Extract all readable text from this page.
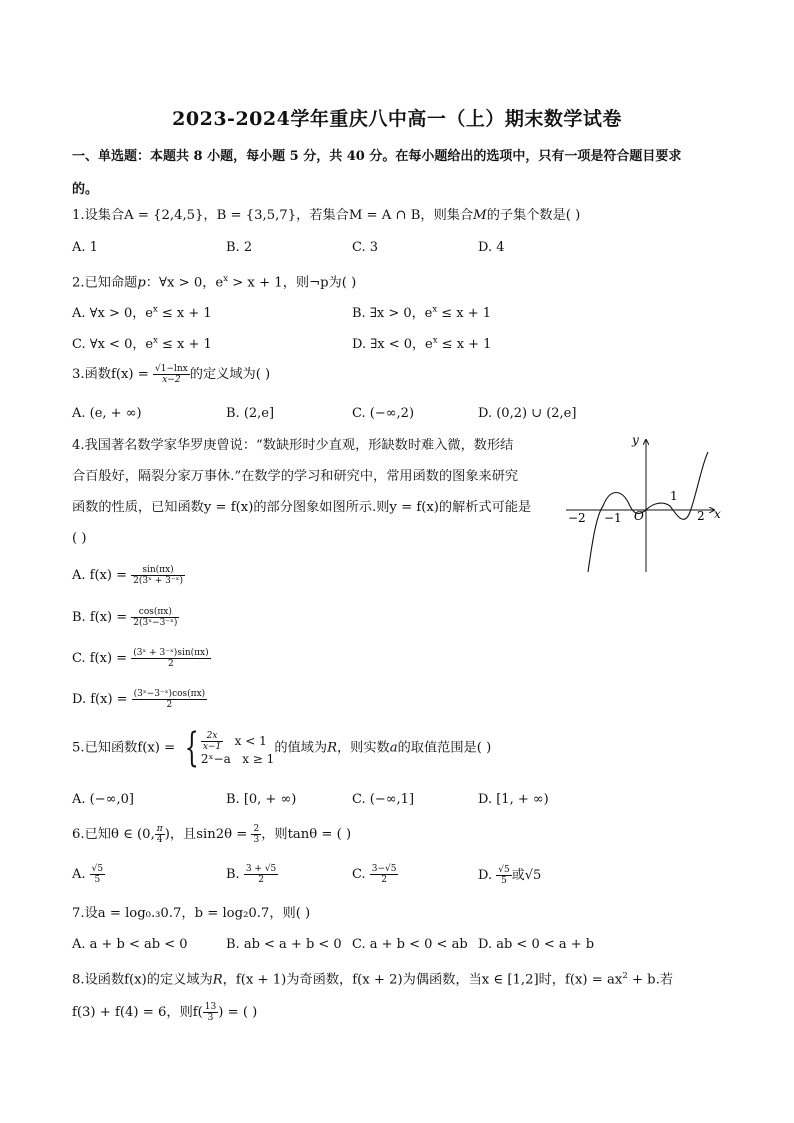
2023-2024学年重庆八中高一（上）期末数学试卷
一、单选题：本题共 8 小题，每小题 5 分，共 40 分。在每小题给出的选项中，只有一项是符合题目要求
的。
1.设集合A = {2,4,5}，B = {3,5,7}，若集合M = A ∩ B，则集合M的子集个数是( )
A. 1	B. 2	C. 3	D. 4
2.已知命题p：∀x > 0，$e^x > x + 1$，则¬p为( )
A. ∀x > 0，$e^x \le x + 1$	B. ∃x > 0，$e^x \le x + 1$
C. ∀x < 0，$e^x \le x + 1$	D. ∃x < 0，$e^x \le x + 1$
3.函数$f(x) = \frac{√1-\ln x}{x-2}$ 的定义域为( )
A. (e, + ∞)	B. (2,e]	C. (−∞,2)	D. (0,2) ∪ (2,e]
4.我国著名数学家华罗庚曾说：“数缺形时少直观，形缺数时难入微，数形结
合百般好，隔裂分家万事休.”在数学的学习和研究中，常用函数的图象来研究
函数的性质，已知函数y = f(x)的部分图象如图所示.则y = f(x)的解析式可能是
( )
A. $f(x) = \frac{\sin(\pi x)}{\text{2(3ˣ + 3⁻ˣ)}}$
B. $f(x) = \frac{\cos(\pi x)}{\text{2(3ˣ−3⁻ˣ)}}$
C. $f(x) = \frac{\text{(3ˣ + 3⁻ˣ)sin(πx)}}{2}$
D. $f(x) = \frac{\text{(3ˣ−3⁻ˣ)cos(πx)}}{2}$
y
x
O
−2 −1
1
2
5.已知函数f(x) = { $\frac{2x}{x-1}$ x < 1
2ˣ−a x ≥ 1
的值域为R，则实数a的取值范围是( )
A. (−∞,0]	B. [0, + ∞)	C. (−∞,1]	D. [1, + ∞)
6.已知θ ∈ (0, $\frac{\pi}{4}$ )，且$\sin 2\theta = \frac{2}{3}$ ，则tanθ = ( )
A. $\frac{√5}{5}$	B. $\frac{3 + √5}{2}$	C. $\frac{3-√5}{2}$	D. $\frac{√5}{5}$ 或√5
7.设a = log₀.₃0.7，b = log₂0.7，则( )
A. a + b < ab < 0	B. ab < a + b < 0 C. a + b < 0 < ab D. ab < 0 < a + b
8.设函数f(x)的定义域为R，f(x + 1)为奇函数，f(x + 2)为偶函数，当x ∈ [1,2]时，$f(x) = ax^2 + b$.若
f(3) + f(4) = 6，则$f( \frac{13}{3}$ ) = ( )
